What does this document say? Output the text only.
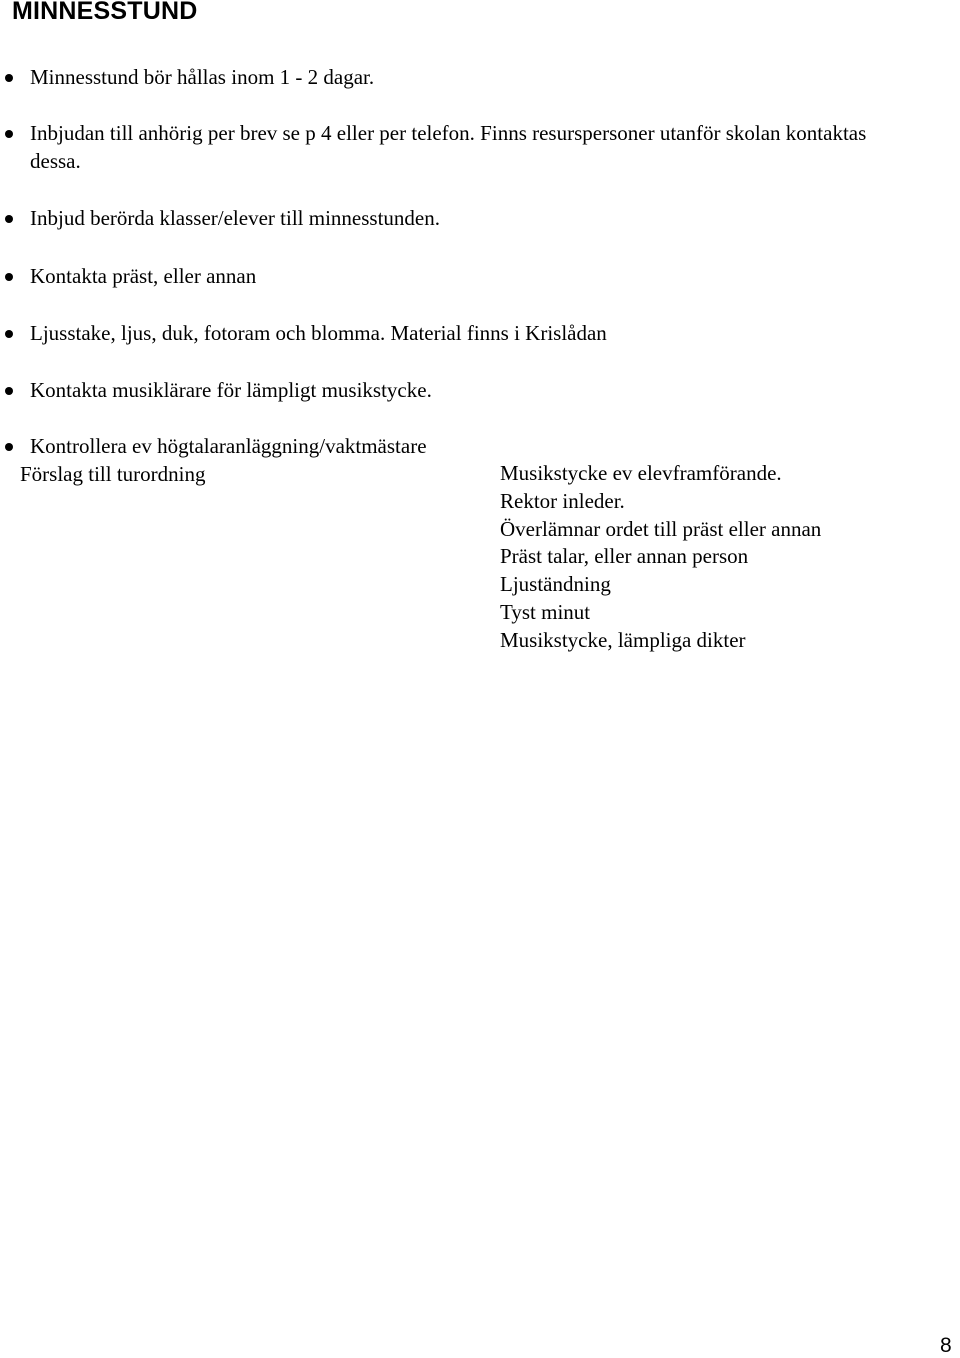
MINNESSTUND
Minnesstund bör hållas inom 1 - 2 dagar.
Inbjudan till anhörig per brev se p 4 eller per telefon. Finns resurspersoner utanför skolan kontaktas dessa.
Inbjud berörda klasser/elever till minnesstunden.
Kontakta präst, eller annan
Ljusstake, ljus, duk, fotoram och blomma. Material finns i Krislådan
Kontakta musiklärare för lämpligt musikstycke.
Kontrollera ev högtalaranläggning/vaktmästare
Förslag till turordning	Musikstycke ev elevframförande.
Rektor inleder.
Överlämnar ordet till präst eller annan
Präst talar, eller annan person
Ljuständning
Tyst minut
Musikstycke, lämpliga dikter
8
